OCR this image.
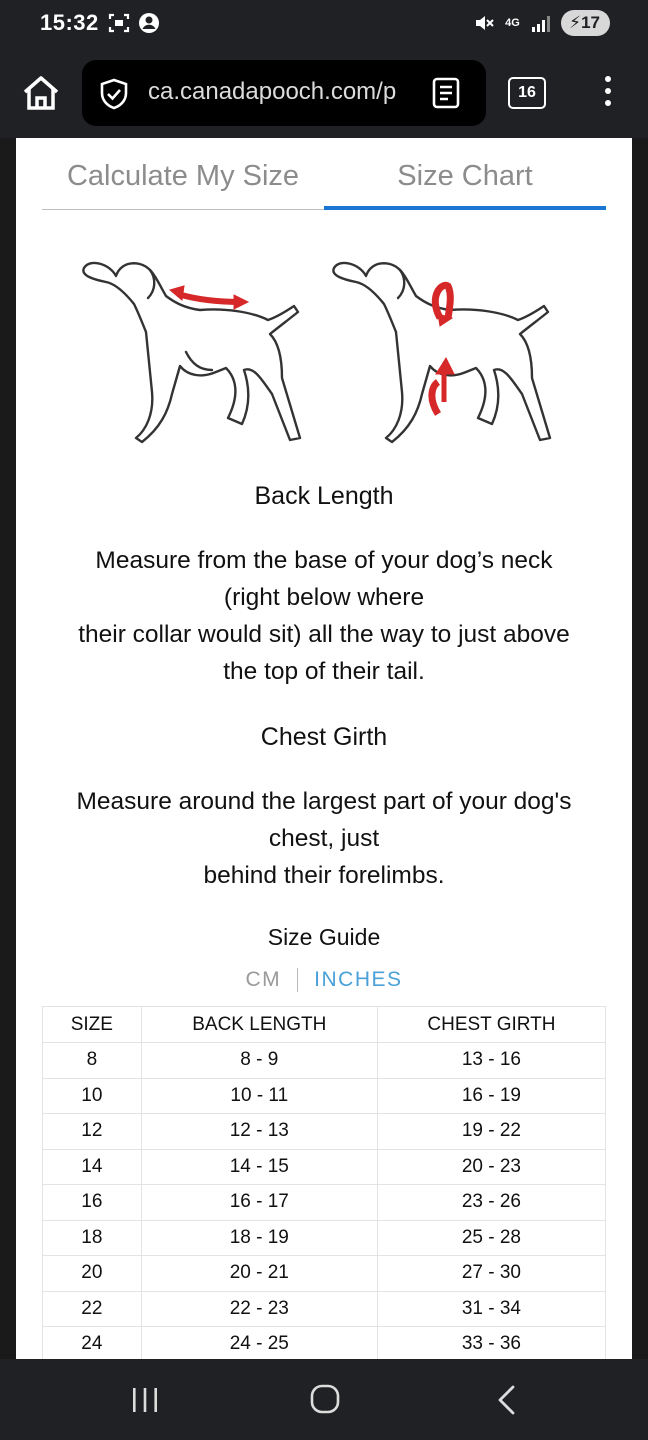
15:32	4G	⚡17
ca.canadapooch.com/p	16
Calculate My Size	Size Chart
Back Length
Measure from the base of your dog’s neck
(right below where
their collar would sit) all the way to just above
the top of their tail.
Chest Girth
Measure around the largest part of your dog's
chest, just
behind their forelimbs.
Size Guide
CM INCHES
SIZE	BACK LENGTH	CHEST GIRTH
8	8 - 9	13 - 16
10	10 - 11	16 - 19
12	12 - 13	19 - 22
14	14 - 15	20 - 23
16	16 - 17	23 - 26
18	18 - 19	25 - 28
20	20 - 21	27 - 30
22	22 - 23	31 - 34
24	24 - 25	33 - 36
